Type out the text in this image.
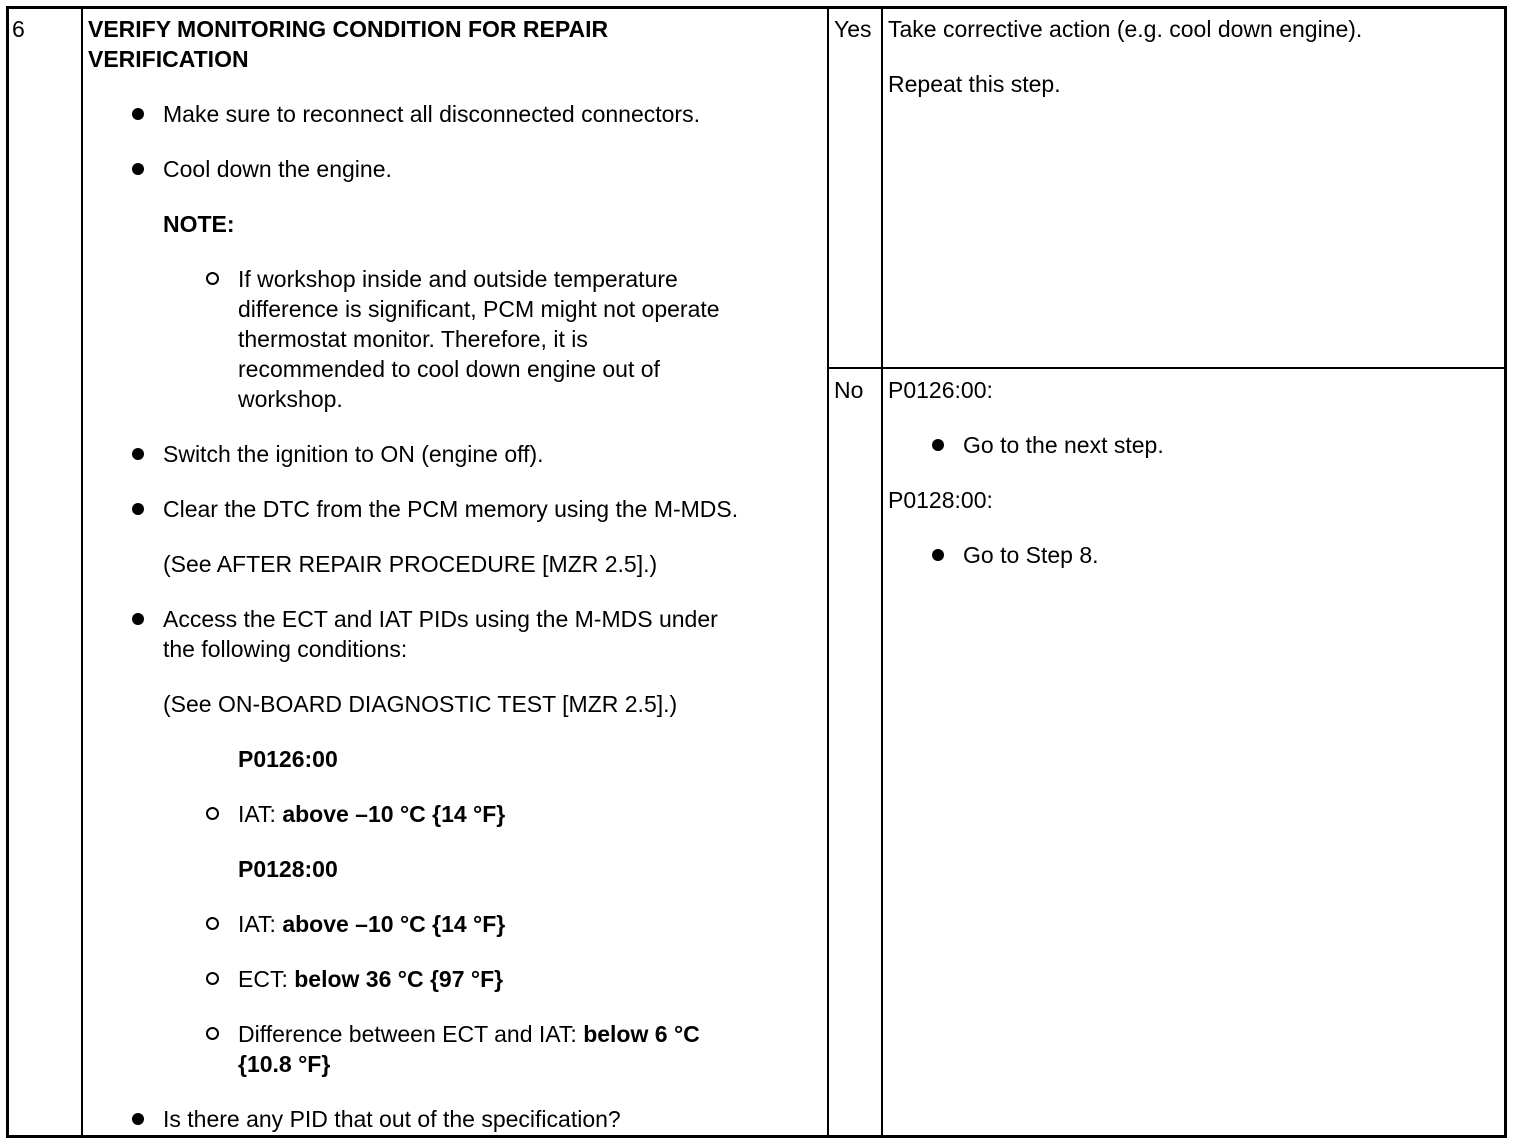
6	VERIFY MONITORING CONDITION FOR REPAIR
VERIFICATION
Make sure to reconnect all disconnected connectors.
Cool down the engine.
NOTE:
If workshop inside and outside temperature
difference is significant, PCM might not operate
thermostat monitor. Therefore, it is
recommended to cool down engine out of
workshop.
Switch the ignition to ON (engine off).
Clear the DTC from the PCM memory using the M-MDS.
(See AFTER REPAIR PROCEDURE [MZR 2.5].)
Access the ECT and IAT PIDs using the M-MDS under
the following conditions:
(See ON-BOARD DIAGNOSTIC TEST [MZR 2.5].)
P0126:00
IAT: above –10 °C {14 °F}
P0128:00
IAT: above –10 °C {14 °F}
ECT: below 36 °C {97 °F}
Difference between ECT and IAT: below 6 °C
{10.8 °F}
Is there any PID that out of the specification?
Yes Take corrective action (e.g. cool down engine).
Repeat this step.
No P0126:00:
Go to the next step.
P0128:00:
Go to Step 8.
